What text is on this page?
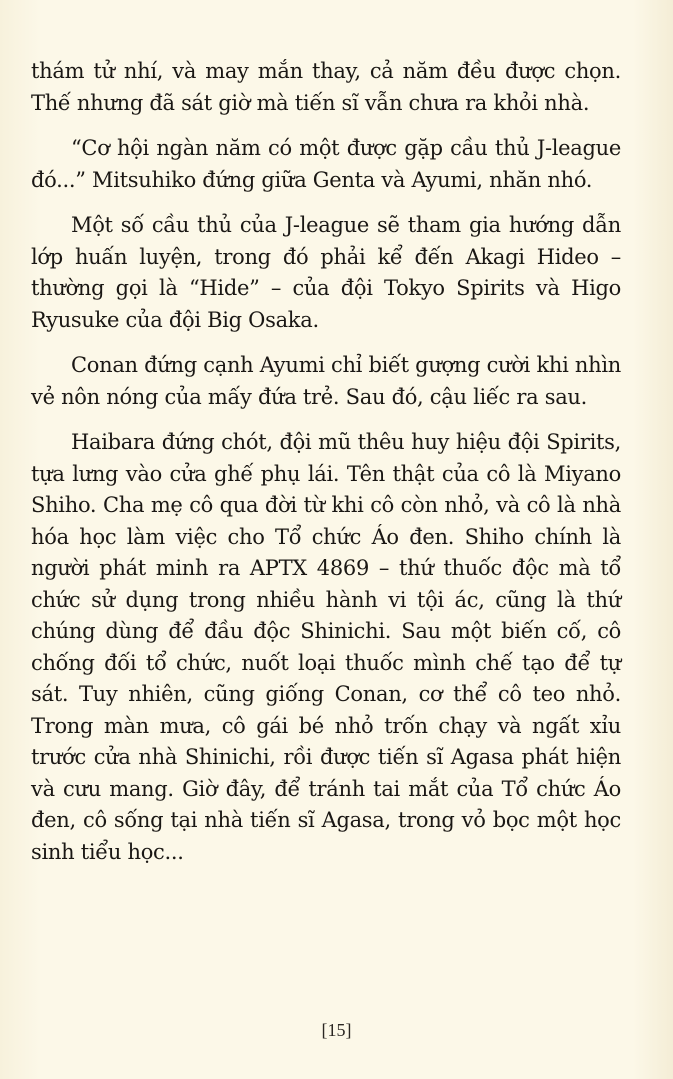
thám tử nhí, và may mắn thay, cả năm đều được chọn. Thế nhưng đã sát giờ mà tiến sĩ vẫn chưa ra khỏi nhà.

“Cơ hội ngàn năm có một được gặp cầu thủ J-league đó...” Mitsuhiko đứng giữa Genta và Ayumi, nhăn nhó.

Một số cầu thủ của J-league sẽ tham gia hướng dẫn lớp huấn luyện, trong đó phải kể đến Akagi Hideo – thường gọi là “Hide” – của đội Tokyo Spirits và Higo Ryusuke của đội Big Osaka.

Conan đứng cạnh Ayumi chỉ biết gượng cười khi nhìn vẻ nôn nóng của mấy đứa trẻ. Sau đó, cậu liếc ra sau.

Haibara đứng chót, đội mũ thêu huy hiệu đội Spirits, tựa lưng vào cửa ghế phụ lái. Tên thật của cô là Miyano Shiho. Cha mẹ cô qua đời từ khi cô còn nhỏ, và cô là nhà hóa học làm việc cho Tổ chức Áo đen. Shiho chính là người phát minh ra APTX 4869 – thứ thuốc độc mà tổ chức sử dụng trong nhiều hành vi tội ác, cũng là thứ chúng dùng để đầu độc Shinichi. Sau một biến cố, cô chống đối tổ chức, nuốt loại thuốc mình chế tạo để tự sát. Tuy nhiên, cũng giống Conan, cơ thể cô teo nhỏ. Trong màn mưa, cô gái bé nhỏ trốn chạy và ngất xỉu trước cửa nhà Shinichi, rồi được tiến sĩ Agasa phát hiện và cưu mang. Giờ đây, để tránh tai mắt của Tổ chức Áo đen, cô sống tại nhà tiến sĩ Agasa, trong vỏ bọc một học sinh tiểu học...

[15]
